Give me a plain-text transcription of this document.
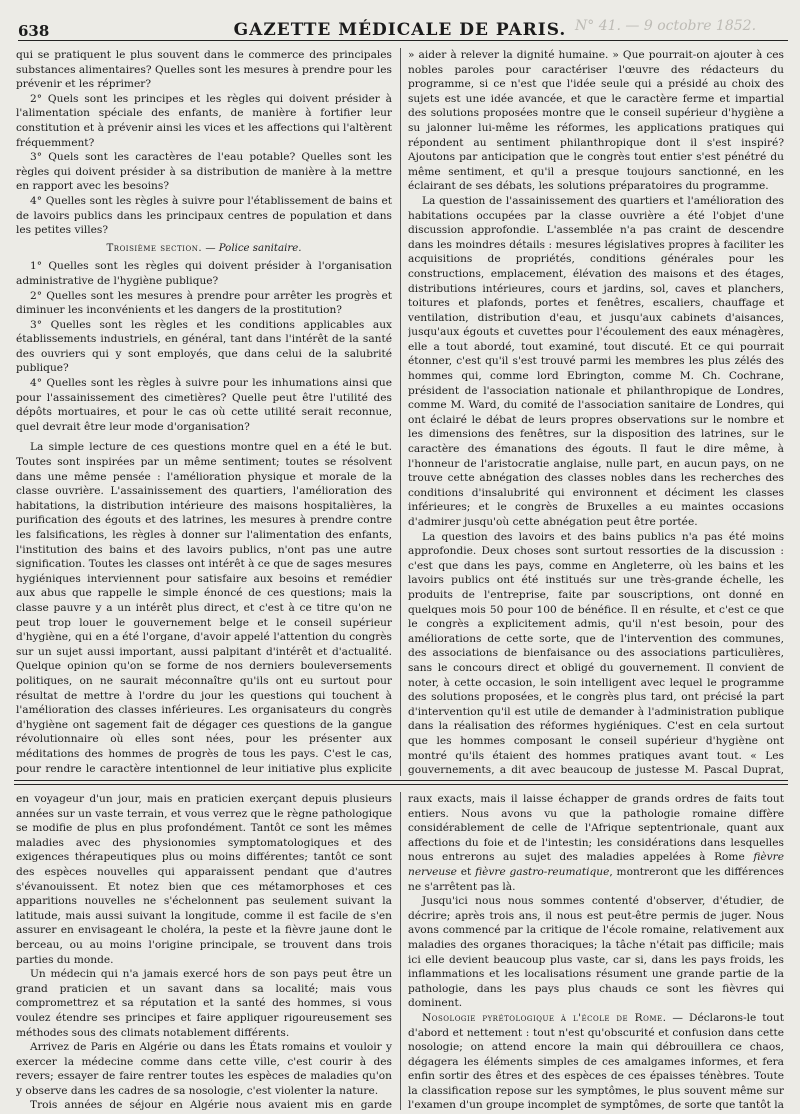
638	GAZETTE MÉDICALE DE PARIS. N° 41. — 9 octobre 1852.

qui se pratiquent le plus souvent dans le commerce des principales substances alimentaires? Quelles sont les mesures à prendre pour les prévenir et les réprimer?

2° Quels sont les principes et les règles qui doivent présider à l'alimentation spéciale des enfants, de manière à fortifier leur constitution et à prévenir ainsi les vices et les affections qui l'altèrent fréquemment?

3° Quels sont les caractères de l'eau potable? Quelles sont les règles qui doivent présider à sa distribution de manière à la mettre en rapport avec les besoins?

4° Quelles sont les règles à suivre pour l'établissement de bains et de lavoirs publics dans les principaux centres de population et dans les petites villes?

Troisième section. — Police sanitaire.

1° Quelles sont les règles qui doivent présider à l'organisation administrative de l'hygiène publique?

2° Quelles sont les mesures à prendre pour arrêter les progrès et diminuer les inconvénients et les dangers de la prostitution?

3° Quelles sont les règles et les conditions applicables aux établissements industriels, en général, tant dans l'intérêt de la santé des ouvriers qui y sont employés, que dans celui de la salubrité publique?

4° Quelles sont les règles à suivre pour les inhumations ainsi que pour l'assainissement des cimetières? Quelle peut être l'utilité des dépôts mortuaires, et pour le cas où cette utilité serait reconnue, quel devrait être leur mode d'organisation?

La simple lecture de ces questions montre quel en a été le but. Toutes sont inspirées par un même sentiment; toutes se résolvent dans une même pensée : l'amélioration physique et morale de la classe ouvrière. L'assainissement des quartiers, l'amélioration des habitations, la distribution intérieure des maisons hospitalières, la purification des égouts et des latrines, les mesures à prendre contre les falsifications, les règles à donner sur l'alimentation des enfants, l'institution des bains et des lavoirs publics, n'ont pas une autre signification. Toutes les classes ont intérêt à ce que de sages mesures hygiéniques interviennent pour satisfaire aux besoins et remédier aux abus que rappelle le simple énoncé de ces questions; mais la classe pauvre y a un intérêt plus direct, et c'est à ce titre qu'on ne peut trop louer le gouvernement belge et le conseil supérieur d'hygiène, qui en a été l'organe, d'avoir appelé l'attention du congrès sur un sujet aussi important, aussi palpitant d'intérêt et d'actualité. Quelque opinion qu'on se forme de nos derniers bouleversements politiques, on ne saurait méconnaître qu'ils ont eu surtout pour résultat de mettre à l'ordre du jour les questions qui touchent à l'amélioration des classes inférieures. Les organisateurs du congrès d'hygiène ont sagement fait de dégager ces questions de la gangue révolutionnaire où elles sont nées, pour les présenter aux méditations des hommes de progrès de tous les pays. C'est le cas, pour rendre le caractère intentionnel de leur initiative plus explicite

» aider à relever la dignité humaine. » Que pourrait-on ajouter à ces nobles paroles pour caractériser l'œuvre des rédacteurs du programme, si ce n'est que l'idée seule qui a présidé au choix des sujets est une idée avancée, et que le caractère ferme et impartial des solutions proposées montre que le conseil supérieur d'hygiène a su jalonner lui-même les réformes, les applications pratiques qui répondent au sentiment philanthropique dont il s'est inspiré? Ajoutons par anticipation que le congrès tout entier s'est pénétré du même sentiment, et qu'il a presque toujours sanctionné, en les éclairant de ses débats, les solutions préparatoires du programme.

La question de l'assainissement des quartiers et l'amélioration des habitations occupées par la classe ouvrière a été l'objet d'une discussion approfondie. L'assemblée n'a pas craint de descendre dans les moindres détails : mesures législatives propres à faciliter les acquisitions de propriétés, conditions générales pour les constructions, emplacement, élévation des maisons et des étages, distributions intérieures, cours et jardins, sol, caves et planchers, toitures et plafonds, portes et fenêtres, escaliers, chauffage et ventilation, distribution d'eau, et jusqu'aux cabinets d'aisances, jusqu'aux égouts et cuvettes pour l'écoulement des eaux ménagères, elle a tout abordé, tout examiné, tout discuté. Et ce qui pourrait étonner, c'est qu'il s'est trouvé parmi les membres les plus zélés des hommes qui, comme lord Ebrington, comme M. Ch. Cochrane, président de l'association nationale et philanthropique de Londres, comme M. Ward, du comité de l'association sanitaire de Londres, qui ont éclairé le débat de leurs propres observations sur le nombre et les dimensions des fenêtres, sur la disposition des latrines, sur le caractère des émanations des égouts. Il faut le dire même, à l'honneur de l'aristocratie anglaise, nulle part, en aucun pays, on ne trouve cette abnégation des classes nobles dans les recherches des conditions d'insalubrité qui environnent et déciment les classes inférieures; et le congrès de Bruxelles a eu maintes occasions d'admirer jusqu'où cette abnégation peut être portée.

La question des lavoirs et des bains publics n'a pas été moins approfondie. Deux choses sont surtout ressorties de la discussion : c'est que dans les pays, comme en Angleterre, où les bains et les lavoirs publics ont été institués sur une très-grande échelle, les produits de l'entreprise, faite par souscriptions, ont donné en quelques mois 50 pour 100 de bénéfice. Il en résulte, et c'est ce que le congrès a explicitement admis, qu'il n'est besoin, pour des améliorations de cette sorte, que de l'intervention des communes, des associations de bienfaisance ou des associations particulières, sans le concours direct et obligé du gouvernement. Il convient de noter, à cette occasion, le soin intelligent avec lequel le programme des solutions proposées, et le congrès plus tard, ont précisé la part d'intervention qu'il est utile de demander à l'administration publique dans la réalisation des réformes hygiéniques. C'est en cela surtout que les hommes composant le conseil supérieur d'hygiène ont montré qu'ils étaient des hommes pratiques avant tout. « Les gouvernements, a dit avec beaucoup de justesse M. Pascal Duprat,

en voyageur d'un jour, mais en praticien exerçant depuis plusieurs années sur un vaste terrain, et vous verrez que le règne pathologique se modifie de plus en plus profondément. Tantôt ce sont les mêmes maladies avec des physionomies symptomatologiques et des exigences thérapeutiques plus ou moins différentes; tantôt ce sont des espèces nouvelles qui apparaissent pendant que d'autres s'évanouissent. Et notez bien que ces métamorphoses et ces apparitions nouvelles ne s'échelonnent pas seulement suivant la latitude, mais aussi suivant la longitude, comme il est facile de s'en assurer en envisageant le choléra, la peste et la fièvre jaune dont le berceau, ou au moins l'origine principale, se trouvent dans trois parties du monde.

Un médecin qui n'a jamais exercé hors de son pays peut être un grand praticien et un savant dans sa localité; mais vous compromettrez et sa réputation et la santé des hommes, si vous voulez étendre ses principes et faire appliquer rigoureusement ses méthodes sous des climats notablement différents.

Arrivez de Paris en Algérie ou dans les États romains et vouloir y exercer la médecine comme dans cette ville, c'est courir à des revers; essayer de faire rentrer toutes les espèces de maladies qu'on y observe dans les cadres de sa nosologie, c'est violenter la nature.

Trois années de séjour en Algérie nous avaient mis en garde

raux exacts, mais il laisse échapper de grands ordres de faits tout entiers. Nous avons vu que la pathologie romaine diffère considérablement de celle de l'Afrique septentrionale, quant aux affections du foie et de l'intestin; les considérations dans lesquelles nous entrerons au sujet des maladies appelées à Rome fièvre nerveuse et fièvre gastro-reumatique, montreront que les différences ne s'arrêtent pas là.

Jusqu'ici nous nous sommes contenté d'observer, d'étudier, de décrire; après trois ans, il nous est peut-être permis de juger. Nous avons commencé par la critique de l'école romaine, relativement aux maladies des organes thoraciques; la tâche n'était pas difficile; mais ici elle devient beaucoup plus vaste, car si, dans les pays froids, les inflammations et les localisations résument une grande partie de la pathologie, dans les pays plus chauds ce sont les fièvres qui dominent.

Nosologie pyrétologique à l'école de Rome. — Déclarons-le tout d'abord et nettement : tout n'est qu'obscurité et confusion dans cette nosologie; on attend encore la main qui débrouillera ce chaos, dégagera les éléments simples de ces amalgames informes, et fera enfin sortir des êtres et des espèces de ces épaisses ténèbres. Toute la classification repose sur les symptômes, le plus souvent même sur l'examen d'un groupe incomplet de symptômes, de sorte que tantôt la
